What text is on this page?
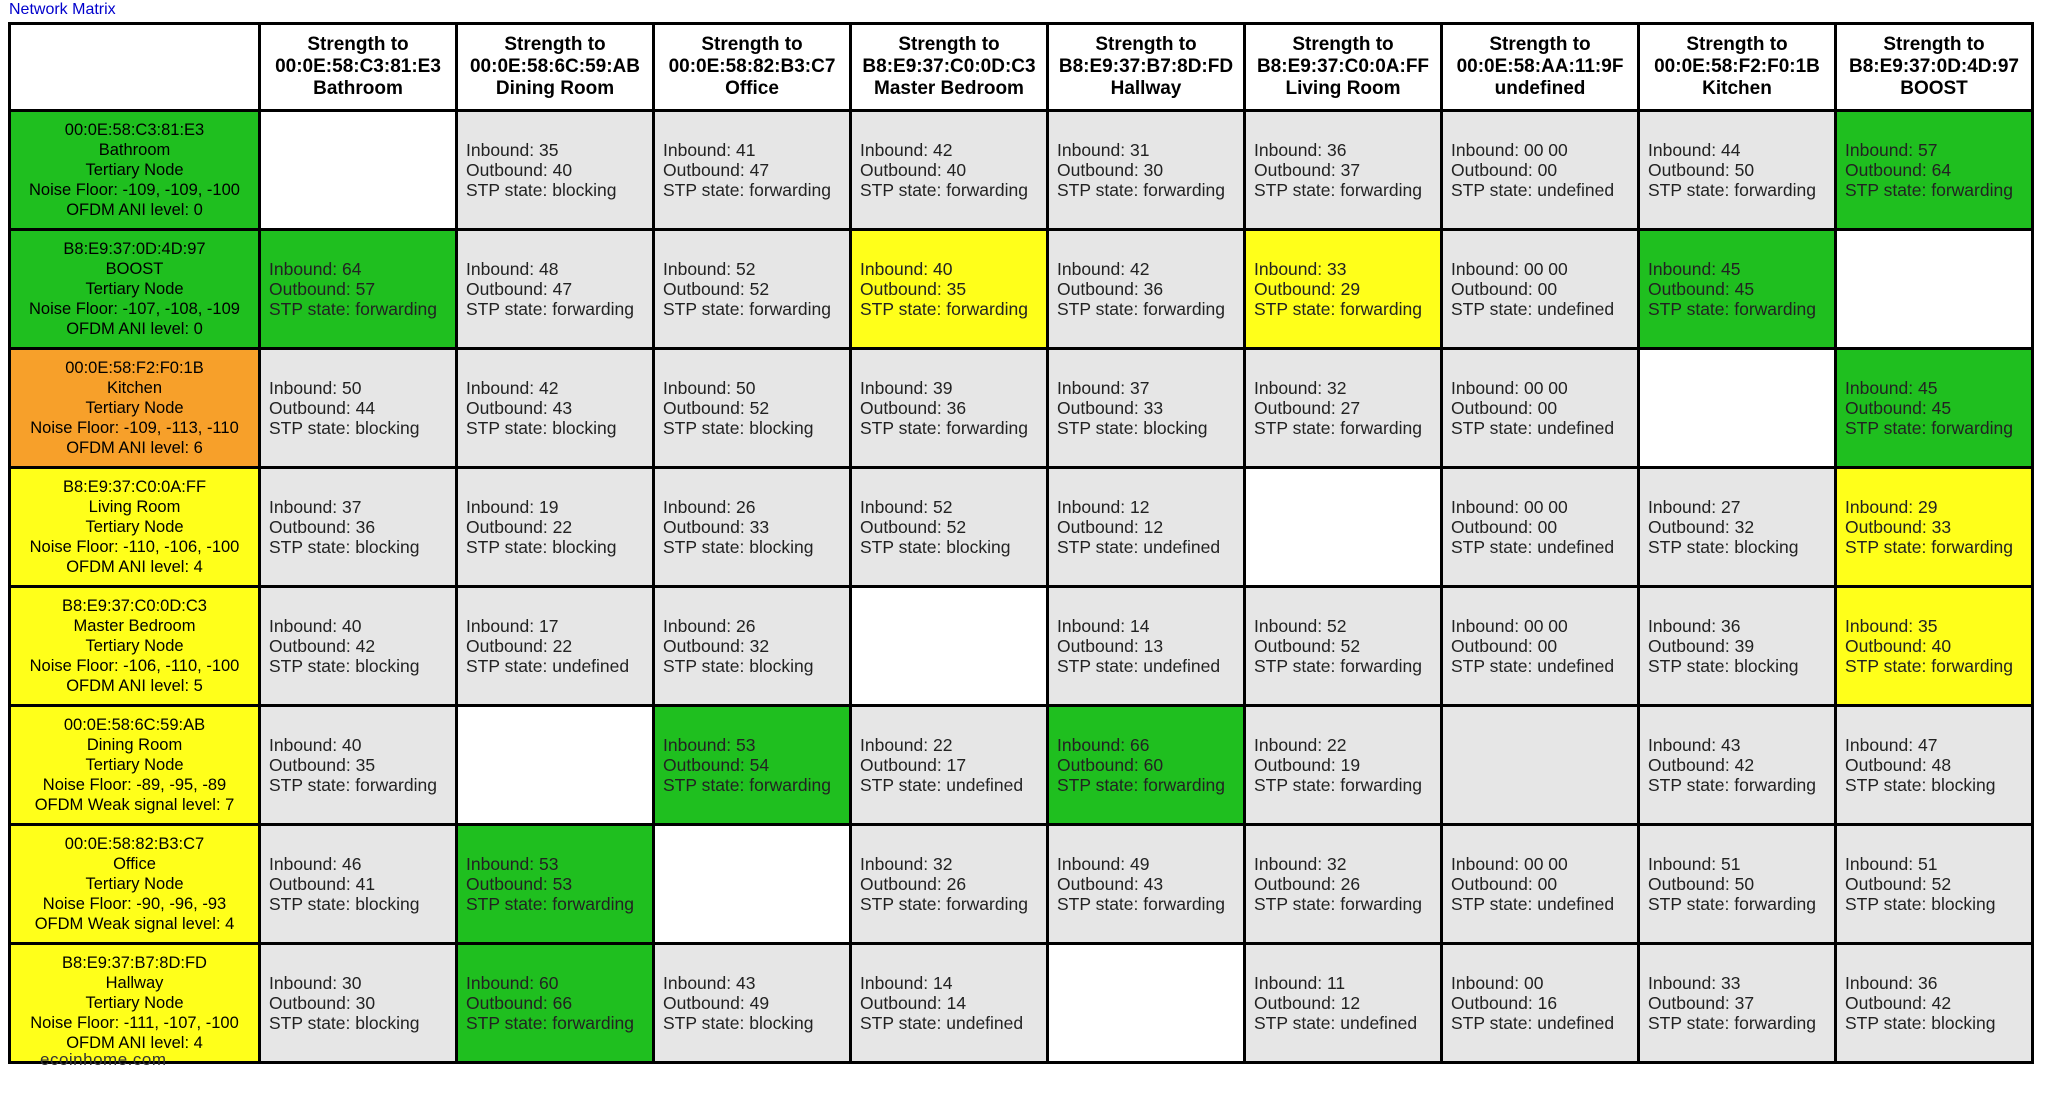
Network Matrix

	Strength to
00:0E:58:C3:81:E3
Bathroom	Strength to
00:0E:58:6C:59:AB
Dining Room	Strength to
00:0E:58:82:B3:C7
Office	Strength to
B8:E9:37:C0:0D:C3
Master Bedroom	Strength to
B8:E9:37:B7:8D:FD
Hallway	Strength to
B8:E9:37:C0:0A:FF
Living Room	Strength to
00:0E:58:AA:11:9F
undefined	Strength to
00:0E:58:F2:F0:1B
Kitchen	Strength to
B8:E9:37:0D:4D:97
BOOST

00:0E:58:C3:81:E3
Bathroom
Tertiary Node
Noise Floor: -109, -109, -100
OFDM ANI level: 0		Inbound: 35
Outbound: 40
STP state: blocking	Inbound: 41
Outbound: 47
STP state: forwarding	Inbound: 42
Outbound: 40
STP state: forwarding	Inbound: 31
Outbound: 30
STP state: forwarding	Inbound: 36
Outbound: 37
STP state: forwarding	Inbound: 00 00
Outbound: 00
STP state: undefined	Inbound: 44
Outbound: 50
STP state: forwarding	Inbound: 57
Outbound: 64
STP state: forwarding

B8:E9:37:0D:4D:97
BOOST
Tertiary Node
Noise Floor: -107, -108, -109
OFDM ANI level: 0	Inbound: 64
Outbound: 57
STP state: forwarding	Inbound: 48
Outbound: 47
STP state: forwarding	Inbound: 52
Outbound: 52
STP state: forwarding	Inbound: 40
Outbound: 35
STP state: forwarding	Inbound: 42
Outbound: 36
STP state: forwarding	Inbound: 33
Outbound: 29
STP state: forwarding	Inbound: 00 00
Outbound: 00
STP state: undefined	Inbound: 45
Outbound: 45
STP state: forwarding	

00:0E:58:F2:F0:1B
Kitchen
Tertiary Node
Noise Floor: -109, -113, -110
OFDM ANI level: 6	Inbound: 50
Outbound: 44
STP state: blocking	Inbound: 42
Outbound: 43
STP state: blocking	Inbound: 50
Outbound: 52
STP state: blocking	Inbound: 39
Outbound: 36
STP state: forwarding	Inbound: 37
Outbound: 33
STP state: blocking	Inbound: 32
Outbound: 27
STP state: forwarding	Inbound: 00 00
Outbound: 00
STP state: undefined		Inbound: 45
Outbound: 45
STP state: forwarding

B8:E9:37:C0:0A:FF
Living Room
Tertiary Node
Noise Floor: -110, -106, -100
OFDM ANI level: 4	Inbound: 37
Outbound: 36
STP state: blocking	Inbound: 19
Outbound: 22
STP state: blocking	Inbound: 26
Outbound: 33
STP state: blocking	Inbound: 52
Outbound: 52
STP state: blocking	Inbound: 12
Outbound: 12
STP state: undefined		Inbound: 00 00
Outbound: 00
STP state: undefined	Inbound: 27
Outbound: 32
STP state: blocking	Inbound: 29
Outbound: 33
STP state: forwarding

B8:E9:37:C0:0D:C3
Master Bedroom
Tertiary Node
Noise Floor: -106, -110, -100
OFDM ANI level: 5	Inbound: 40
Outbound: 42
STP state: blocking	Inbound: 17
Outbound: 22
STP state: undefined	Inbound: 26
Outbound: 32
STP state: blocking		Inbound: 14
Outbound: 13
STP state: undefined	Inbound: 52
Outbound: 52
STP state: forwarding	Inbound: 00 00
Outbound: 00
STP state: undefined	Inbound: 36
Outbound: 39
STP state: blocking	Inbound: 35
Outbound: 40
STP state: forwarding

00:0E:58:6C:59:AB
Dining Room
Tertiary Node
Noise Floor: -89, -95, -89
OFDM Weak signal level: 7	Inbound: 40
Outbound: 35
STP state: forwarding		Inbound: 53
Outbound: 54
STP state: forwarding	Inbound: 22
Outbound: 17
STP state: undefined	Inbound: 66
Outbound: 60
STP state: forwarding	Inbound: 22
Outbound: 19
STP state: forwarding		Inbound: 43
Outbound: 42
STP state: forwarding	Inbound: 47
Outbound: 48
STP state: blocking

00:0E:58:82:B3:C7
Office
Tertiary Node
Noise Floor: -90, -96, -93
OFDM Weak signal level: 4	Inbound: 46
Outbound: 41
STP state: blocking	Inbound: 53
Outbound: 53
STP state: forwarding		Inbound: 32
Outbound: 26
STP state: forwarding	Inbound: 49
Outbound: 43
STP state: forwarding	Inbound: 32
Outbound: 26
STP state: forwarding	Inbound: 00 00
Outbound: 00
STP state: undefined	Inbound: 51
Outbound: 50
STP state: forwarding	Inbound: 51
Outbound: 52
STP state: blocking

B8:E9:37:B7:8D:FD
Hallway
Tertiary Node
Noise Floor: -111, -107, -100
OFDM ANI level: 4	Inbound: 30
Outbound: 30
STP state: blocking	Inbound: 60
Outbound: 66
STP state: forwarding	Inbound: 43
Outbound: 49
STP state: blocking	Inbound: 14
Outbound: 14
STP state: undefined		Inbound: 11
Outbound: 12
STP state: undefined	Inbound: 00
Outbound: 16
STP state: undefined	Inbound: 33
Outbound: 37
STP state: forwarding	Inbound: 36
Outbound: 42
STP state: blocking
ecoinhome.com
